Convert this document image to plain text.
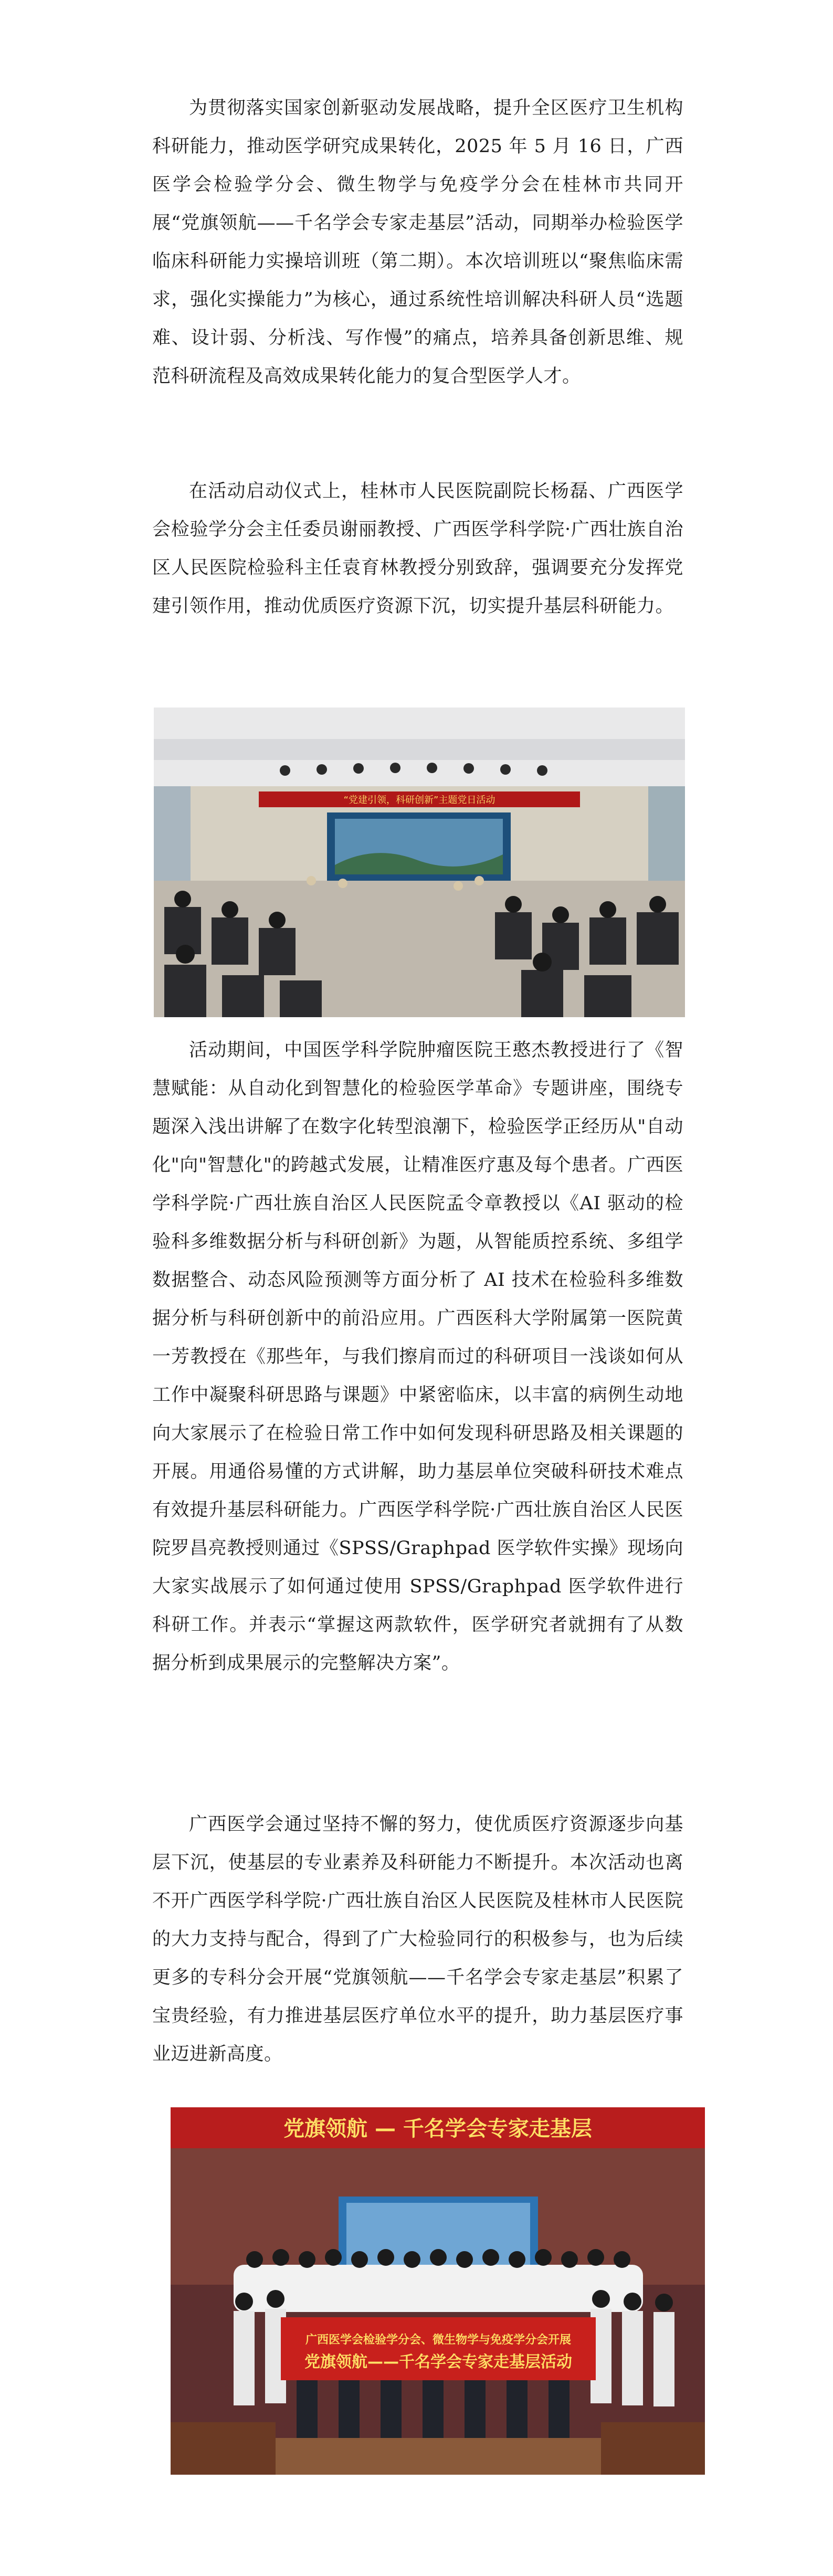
为贯彻落实国家创新驱动发展战略，提升全区医疗卫生机构科研能力，推动医学研究成果转化，2025 年 5 月 16 日，广西医学会检验学分会、微生物学与免疫学分会在桂林市共同开展“党旗领航——千名学会专家走基层”活动，同期举办检验医学临床科研能力实操培训班（第二期）。本次培训班以“聚焦临床需求，强化实操能力”为核心，通过系统性培训解决科研人员“选题难、设计弱、分析浅、写作慢”的痛点，培养具备创新思维、规范科研流程及高效成果转化能力的复合型医学人才。

在活动启动仪式上，桂林市人民医院副院长杨磊、广西医学会检验学分会主任委员谢丽教授、广西医学科学院·广西壮族自治区人民医院检验科主任袁育林教授分别致辞，强调要充分发挥党建引领作用，推动优质医疗资源下沉，切实提升基层科研能力。

“党建引领，科研创新”主题党日活动

活动期间，中国医学科学院肿瘤医院王憨杰教授进行了《智慧赋能：从自动化到智慧化的检验医学革命》专题讲座，围绕专题深入浅出讲解了在数字化转型浪潮下，检验医学正经历从"自动化"向"智慧化"的跨越式发展，让精准医疗惠及每个患者。广西医学科学院·广西壮族自治区人民医院孟令章教授以《AI 驱动的检验科多维数据分析与科研创新》为题，从智能质控系统、多组学数据整合、动态风险预测等方面分析了 AI 技术在检验科多维数据分析与科研创新中的前沿应用。广西医科大学附属第一医院黄一芳教授在《那些年，与我们擦肩而过的科研项目一浅谈如何从工作中凝聚科研思路与课题》中紧密临床，以丰富的病例生动地向大家展示了在检验日常工作中如何发现科研思路及相关课题的开展。用通俗易懂的方式讲解，助力基层单位突破科研技术难点有效提升基层科研能力。广西医学科学院·广西壮族自治区人民医院罗昌亮教授则通过《SPSS/Graphpad 医学软件实操》现场向大家实战展示了如何通过使用 SPSS/Graphpad 医学软件进行科研工作。并表示“掌握这两款软件，医学研究者就拥有了从数据分析到成果展示的完整解决方案”。

广西医学会通过坚持不懈的努力，使优质医疗资源逐步向基层下沉，使基层的专业素养及科研能力不断提升。本次活动也离不开广西医学科学院·广西壮族自治区人民医院及桂林市人民医院的大力支持与配合，得到了广大检验同行的积极参与，也为后续更多的专科分会开展“党旗领航——千名学会专家走基层”积累了宝贵经验，有力推进基层医疗单位水平的提升，助力基层医疗事业迈进新高度。

党旗领航 — 千名学会专家走基层
广西医学会检验学分会、微生物学与免疫学分会开展
党旗领航——千名学会专家走基层活动
